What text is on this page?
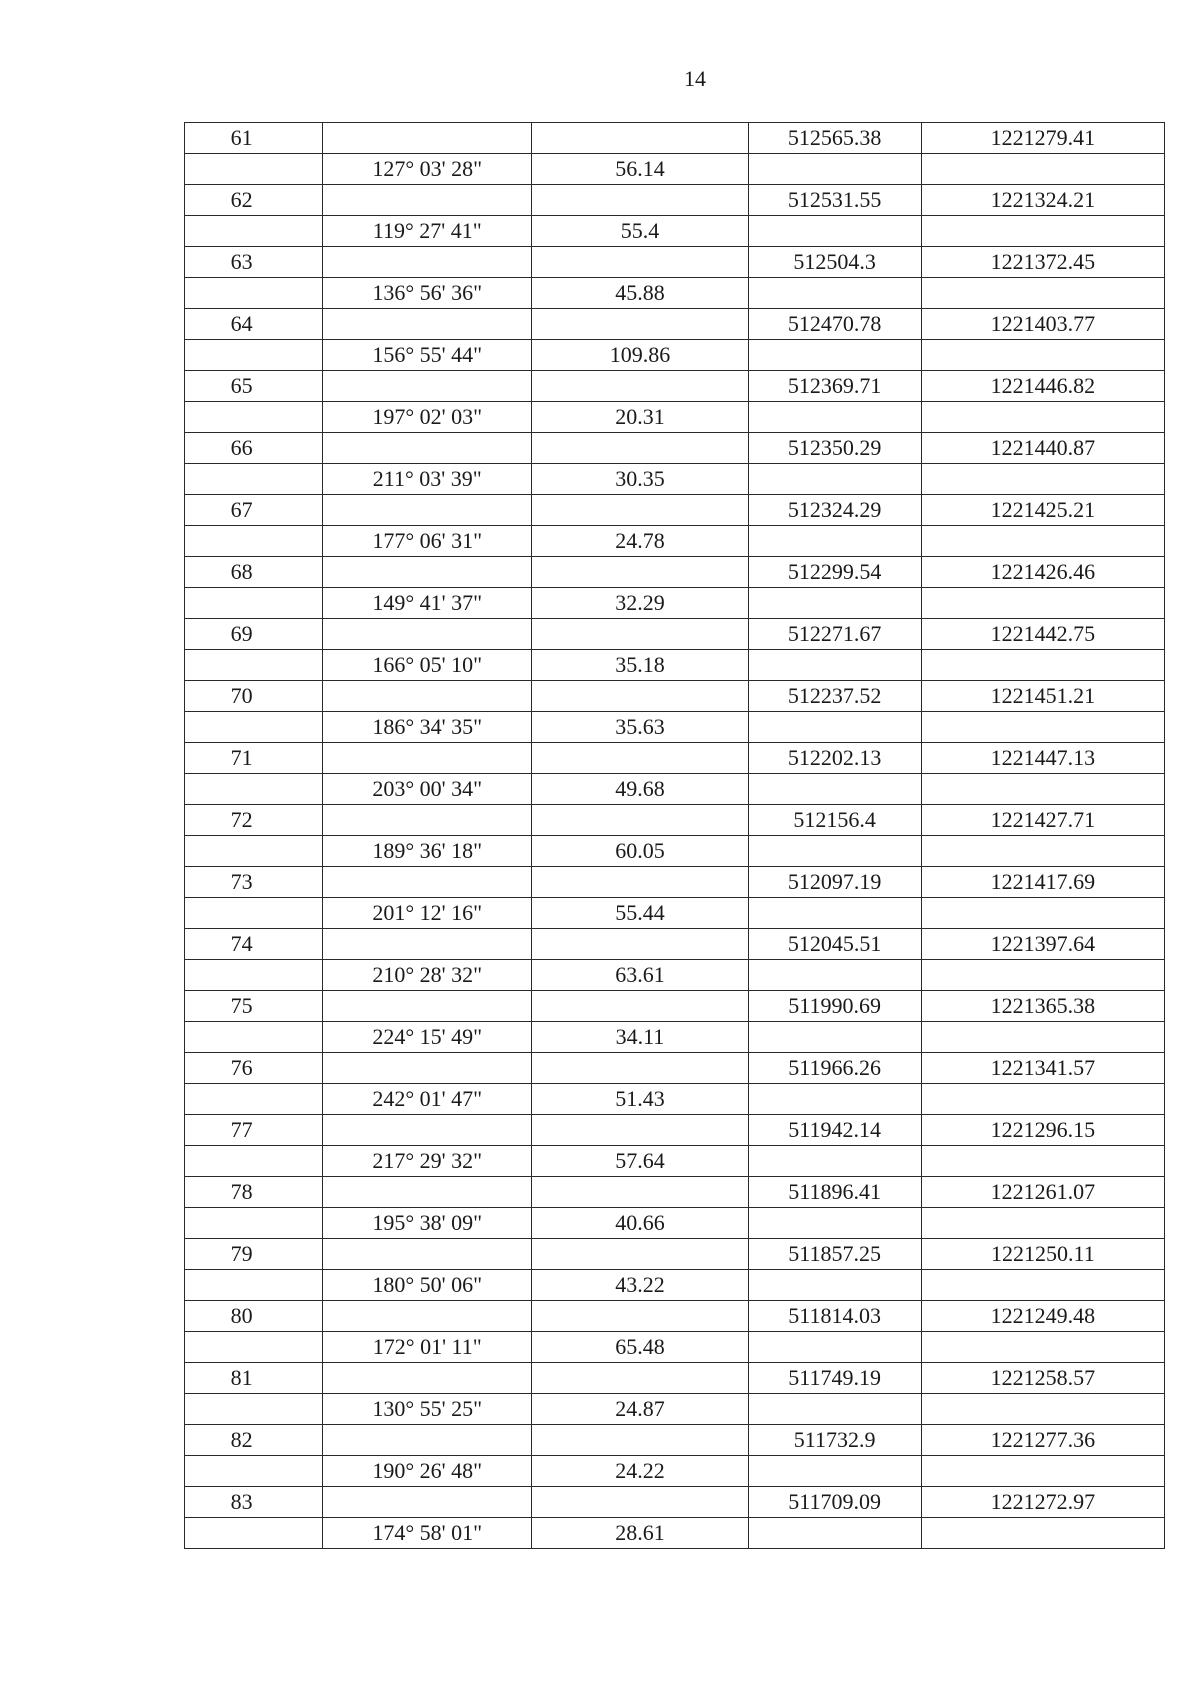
14
61			512565.38	1221279.41
	127° 03' 28"	56.14		
62			512531.55	1221324.21
	119° 27' 41"	55.4		
63			512504.3	1221372.45
	136° 56' 36"	45.88		
64			512470.78	1221403.77
	156° 55' 44"	109.86		
65			512369.71	1221446.82
	197° 02' 03"	20.31		
66			512350.29	1221440.87
	211° 03' 39"	30.35		
67			512324.29	1221425.21
	177° 06' 31"	24.78		
68			512299.54	1221426.46
	149° 41' 37"	32.29		
69			512271.67	1221442.75
	166° 05' 10"	35.18		
70			512237.52	1221451.21
	186° 34' 35"	35.63		
71			512202.13	1221447.13
	203° 00' 34"	49.68		
72			512156.4	1221427.71
	189° 36' 18"	60.05		
73			512097.19	1221417.69
	201° 12' 16"	55.44		
74			512045.51	1221397.64
	210° 28' 32"	63.61		
75			511990.69	1221365.38
	224° 15' 49"	34.11		
76			511966.26	1221341.57
	242° 01' 47"	51.43		
77			511942.14	1221296.15
	217° 29' 32"	57.64		
78			511896.41	1221261.07
	195° 38' 09"	40.66		
79			511857.25	1221250.11
	180° 50' 06"	43.22		
80			511814.03	1221249.48
	172° 01' 11"	65.48		
81			511749.19	1221258.57
	130° 55' 25"	24.87		
82			511732.9	1221277.36
	190° 26' 48"	24.22		
83			511709.09	1221272.97
	174° 58' 01"	28.61		
